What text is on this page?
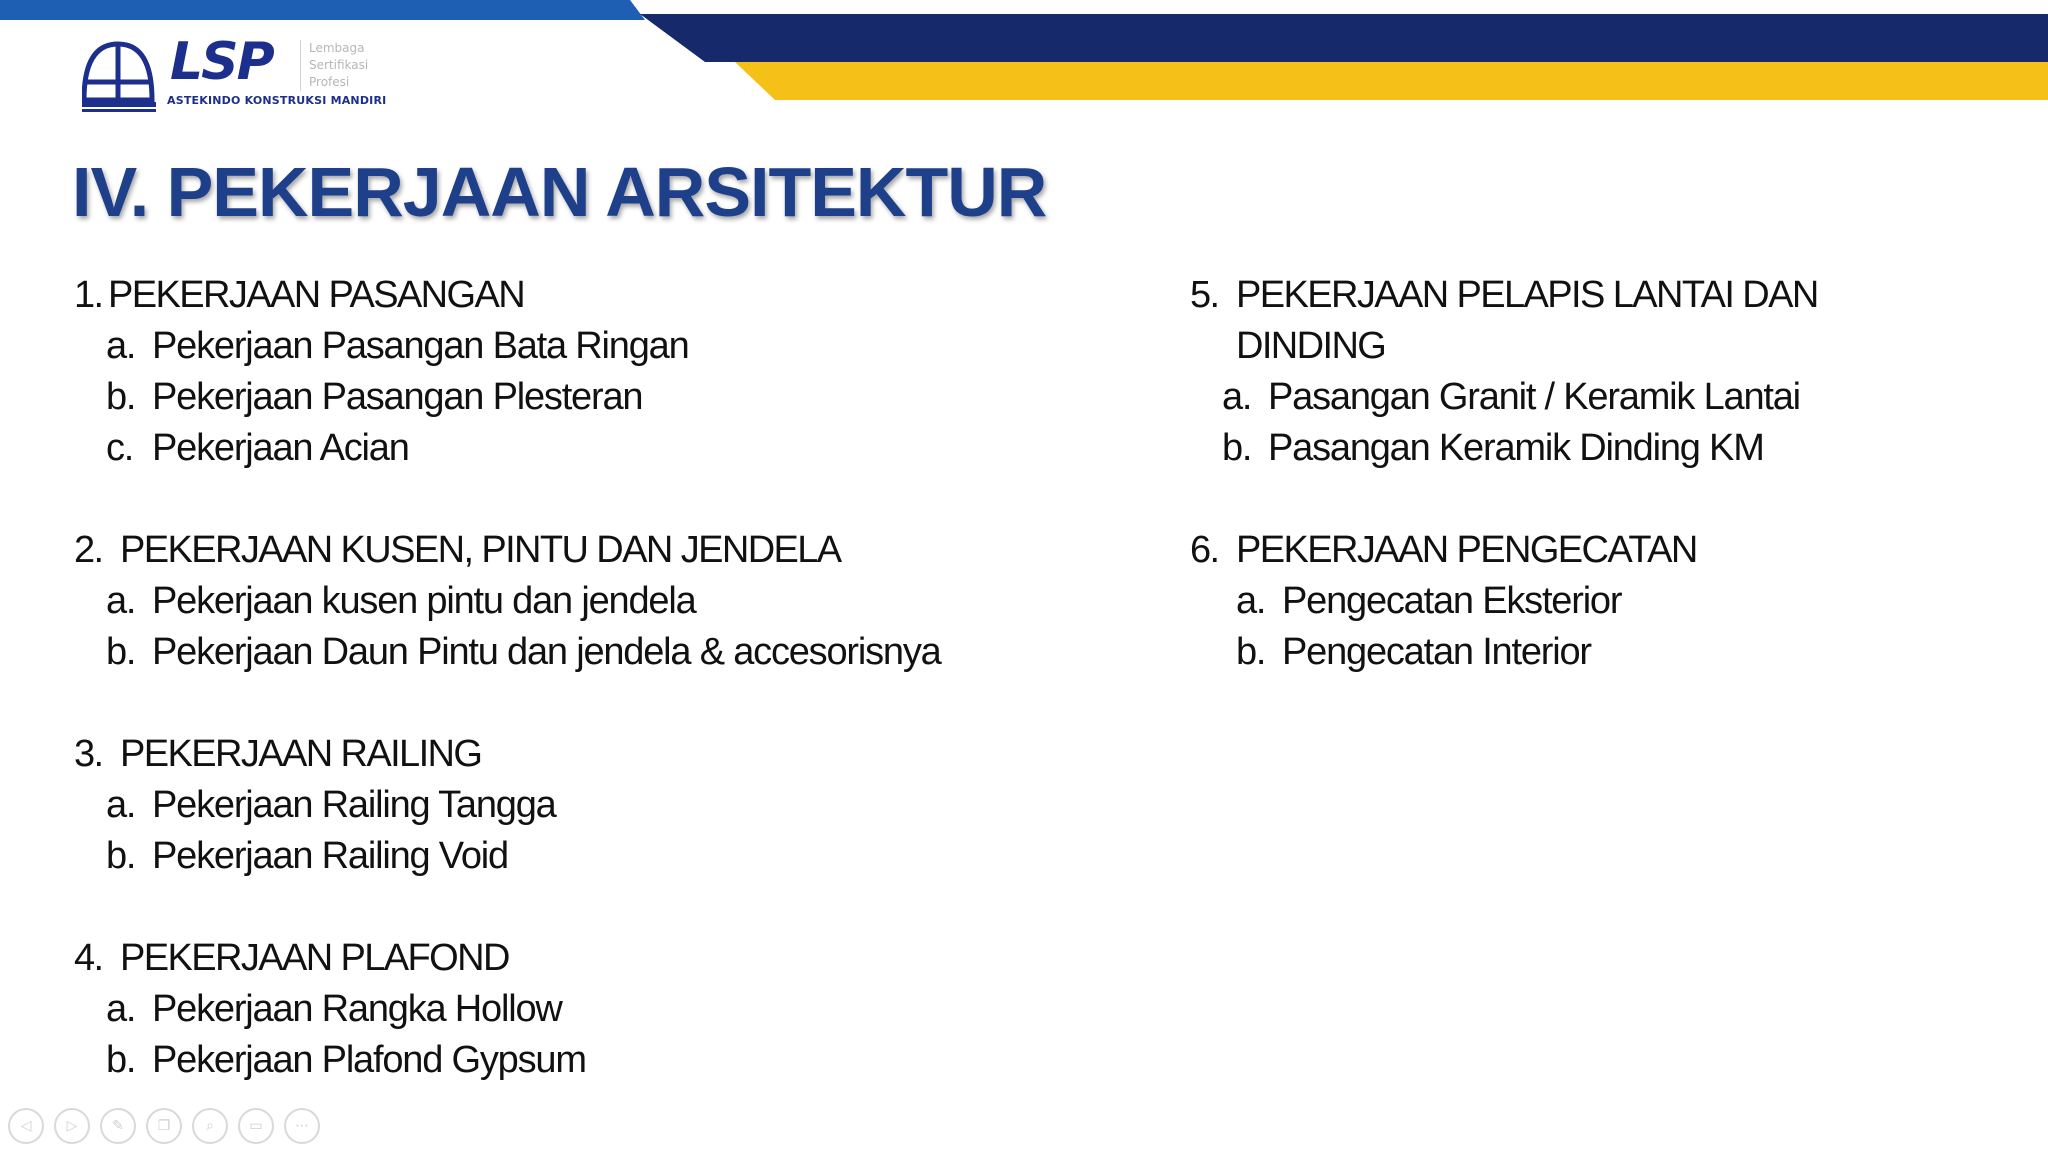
LSP
ASTEKINDO KONSTRUKSI MANDIRI
Lembaga
Sertifikasi
Profesi
IV. PEKERJAAN ARSITEKTUR
1. PEKERJAAN PASANGAN
a. Pekerjaan Pasangan Bata Ringan
b. Pekerjaan Pasangan Plesteran
c. Pekerjaan Acian
2. PEKERJAAN KUSEN, PINTU DAN JENDELA
a. Pekerjaan kusen pintu dan jendela
b. Pekerjaan Daun Pintu dan jendela & accesorisnya
3. PEKERJAAN RAILING
a. Pekerjaan Railing Tangga
b. Pekerjaan Railing Void
4. PEKERJAAN PLAFOND
a. Pekerjaan Rangka Hollow
b. Pekerjaan Plafond Gypsum
5. PEKERJAAN PELAPIS LANTAI DAN DINDING
a. Pasangan Granit / Keramik Lantai
b. Pasangan Keramik Dinding KM
6. PEKERJAAN PENGECATAN
a. Pengecatan Eksterior
b. Pengecatan Interior
◁	▷ ✎ ❐	⌕	▭ ⋯
